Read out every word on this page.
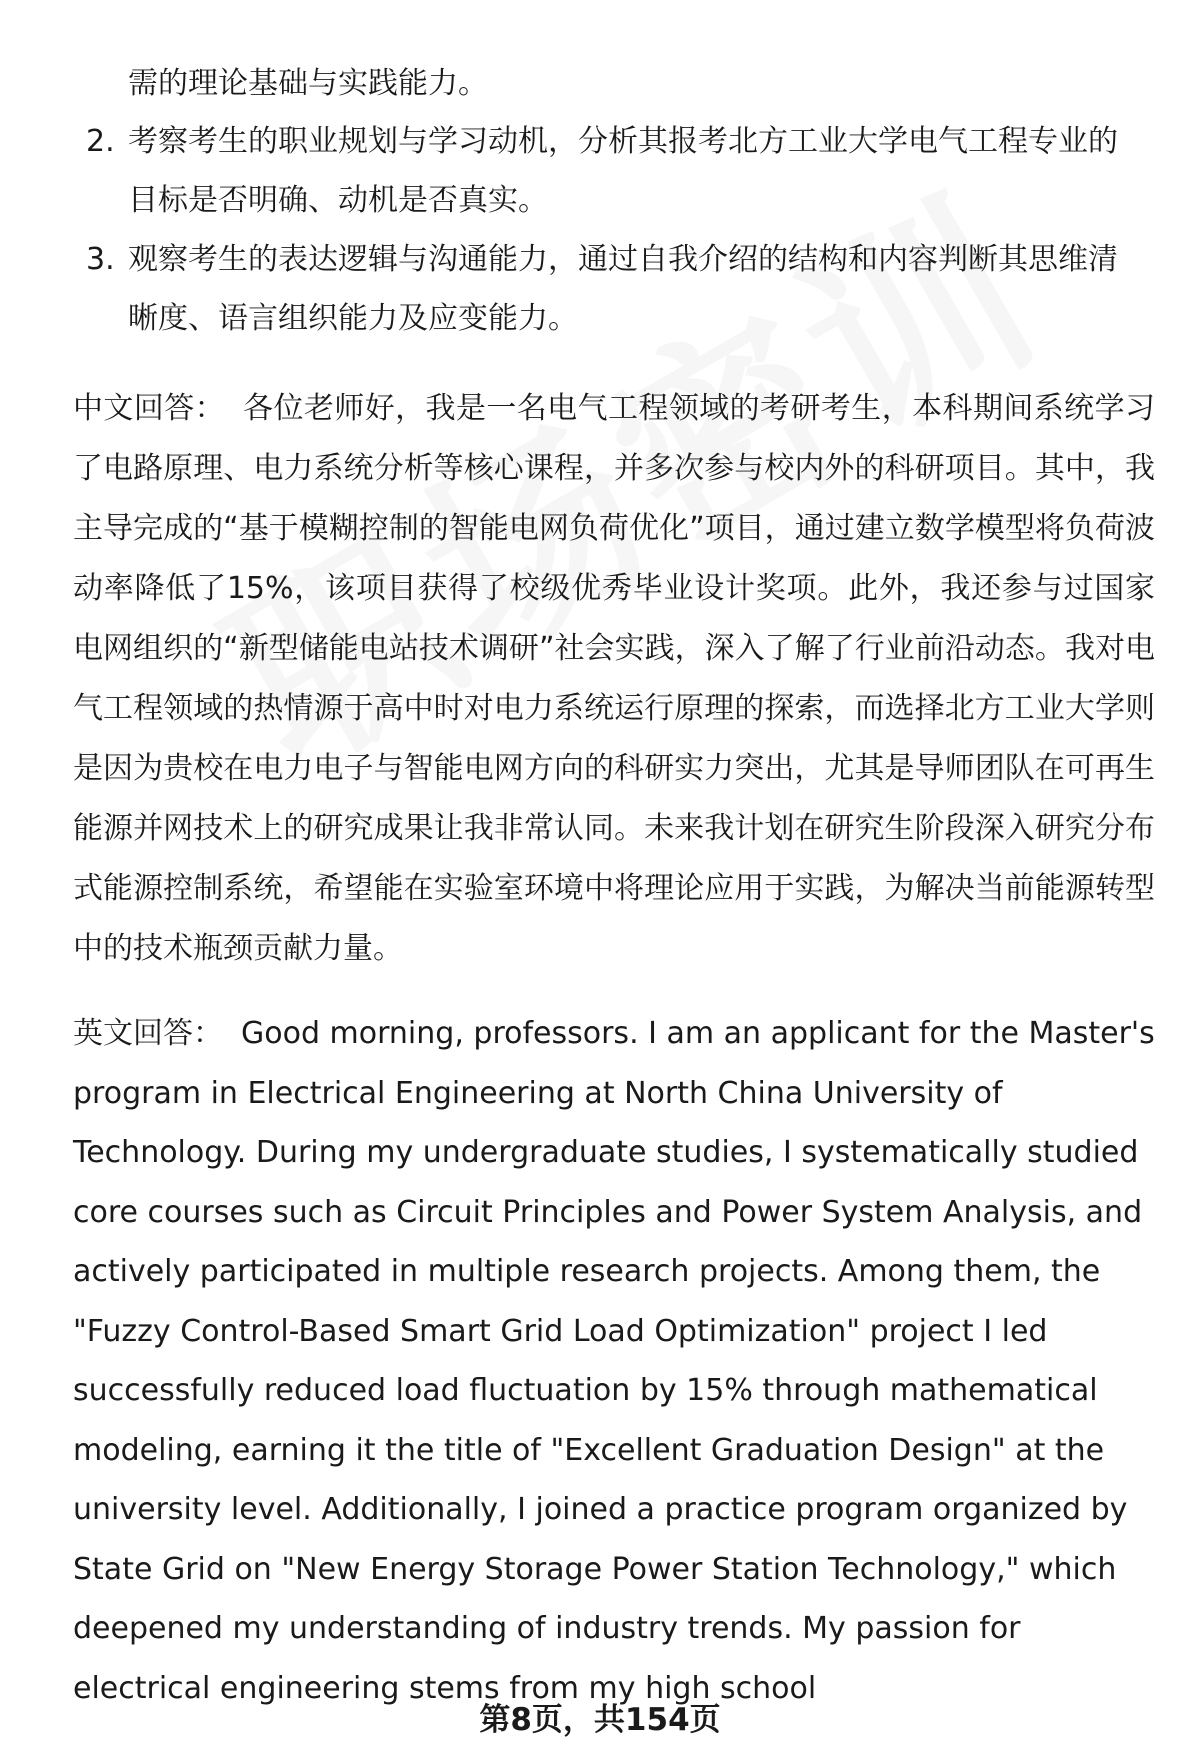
需的理论基础与实践能力。

2. 考察考生的职业规划与学习动机，分析其报考北方工业大学电气工程专业的目标是否明确、动机是否真实。
3. 观察考生的表达逻辑与沟通能力，通过自我介绍的结构和内容判断其思维清晰度、语言组织能力及应变能力。

中文回答： 各位老师好，我是一名电气工程领域的考研考生，本科期间系统学习了电路原理、电力系统分析等核心课程，并多次参与校内外的科研项目。其中，我主导完成的“基于模糊控制的智能电网负荷优化”项目，通过建立数学模型将负荷波动率降低了15%，该项目获得了校级优秀毕业设计奖项。此外，我还参与过国家电网组织的“新型储能电站技术调研”社会实践，深入了解了行业前沿动态。我对电气工程领域的热情源于高中时对电力系统运行原理的探索，而选择北方工业大学则是因为贵校在电力电子与智能电网方向的科研实力突出，尤其是导师团队在可再生能源并网技术上的研究成果让我非常认同。未来我计划在研究生阶段深入研究分布式能源控制系统，希望能在实验室环境中将理论应用于实践，为解决当前能源转型中的技术瓶颈贡献力量。

英文回答： Good morning, professors. I am an applicant for the Master's program in Electrical Engineering at North China University of Technology. During my undergraduate studies, I systematically studied core courses such as Circuit Principles and Power System Analysis, and actively participated in multiple research projects. Among them, the "Fuzzy Control-Based Smart Grid Load Optimization" project I led successfully reduced load fluctuation by 15% through mathematical modeling, earning it the title of "Excellent Graduation Design" at the university level. Additionally, I joined a practice program organized by State Grid on "New Energy Storage Power Station Technology," which deepened my understanding of industry trends. My passion for electrical engineering stems from my high school

第8页，共154页
